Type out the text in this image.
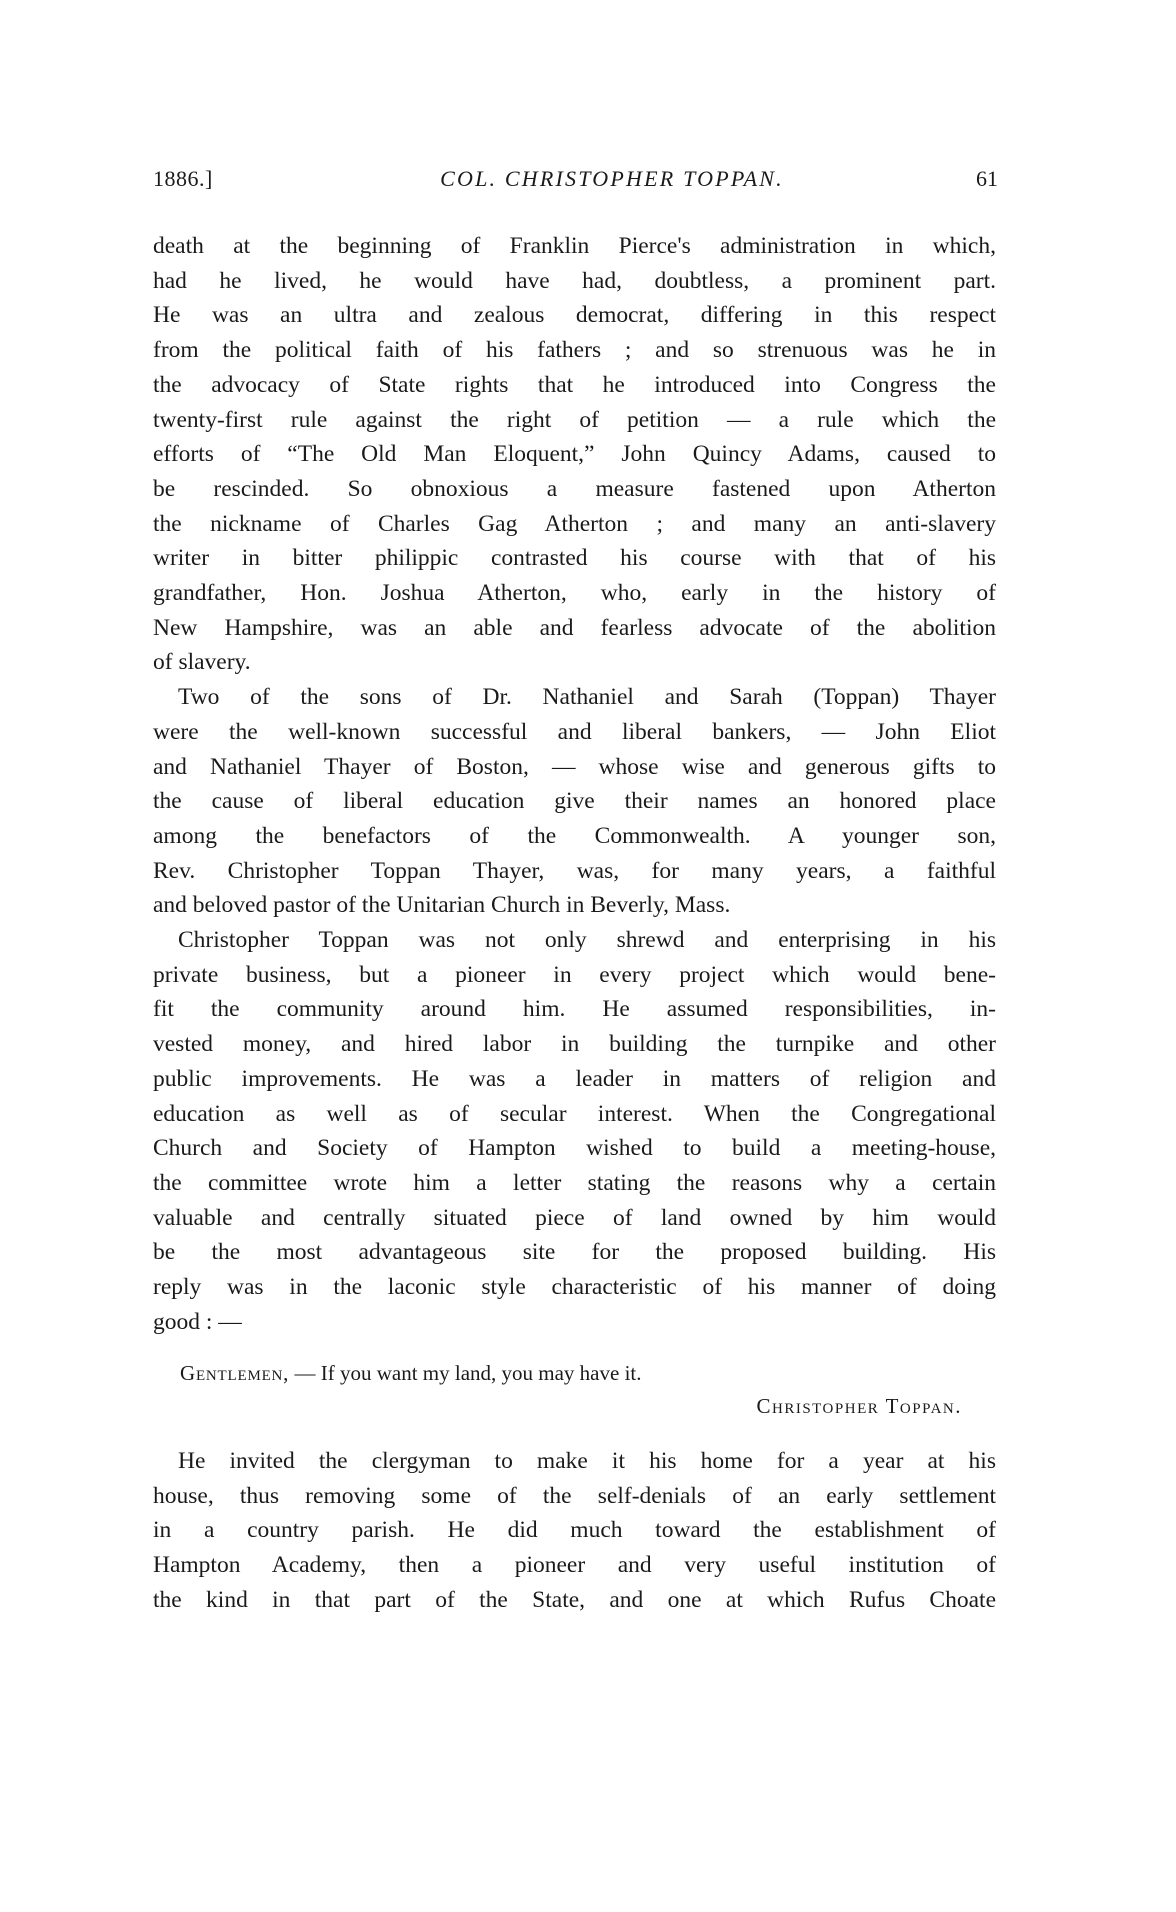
1886.]	COL. CHRISTOPHER TOPPAN.	61
death at the beginning of Franklin Pierce's administration in which,
had he lived, he would have had, doubtless, a prominent part.
He was an ultra and zealous democrat, differing in this respect
from the political faith of his fathers ; and so strenuous was he in
the advocacy of State rights that he introduced into Congress the
twenty-first rule against the right of petition — a rule which the
efforts of “The Old Man Eloquent,” John Quincy Adams, caused to
be rescinded. So obnoxious a measure fastened upon Atherton
the nickname of Charles Gag Atherton ; and many an anti-slavery
writer in bitter philippic contrasted his course with that of his
grandfather, Hon. Joshua Atherton, who, early in the history of
New Hampshire, was an able and fearless advocate of the abolition
of slavery.
Two of the sons of Dr. Nathaniel and Sarah (Toppan) Thayer
were the well-known successful and liberal bankers, — John Eliot
and Nathaniel Thayer of Boston, — whose wise and generous gifts to
the cause of liberal education give their names an honored place
among the benefactors of the Commonwealth. A younger son,
Rev. Christopher Toppan Thayer, was, for many years, a faithful
and beloved pastor of the Unitarian Church in Beverly, Mass.
Christopher Toppan was not only shrewd and enterprising in his
private business, but a pioneer in every project which would bene-
fit the community around him. He assumed responsibilities, in-
vested money, and hired labor in building the turnpike and other
public improvements. He was a leader in matters of religion and
education as well as of secular interest. When the Congregational
Church and Society of Hampton wished to build a meeting-house,
the committee wrote him a letter stating the reasons why a certain
valuable and centrally situated piece of land owned by him would
be the most advantageous site for the proposed building. His
reply was in the laconic style characteristic of his manner of doing
good : —
Gentlemen, — If you want my land, you may have it.
Christopher Toppan.
He invited the clergyman to make it his home for a year at his
house, thus removing some of the self-denials of an early settlement
in a country parish. He did much toward the establishment of
Hampton Academy, then a pioneer and very useful institution of
the kind in that part of the State, and one at which Rufus Choate
